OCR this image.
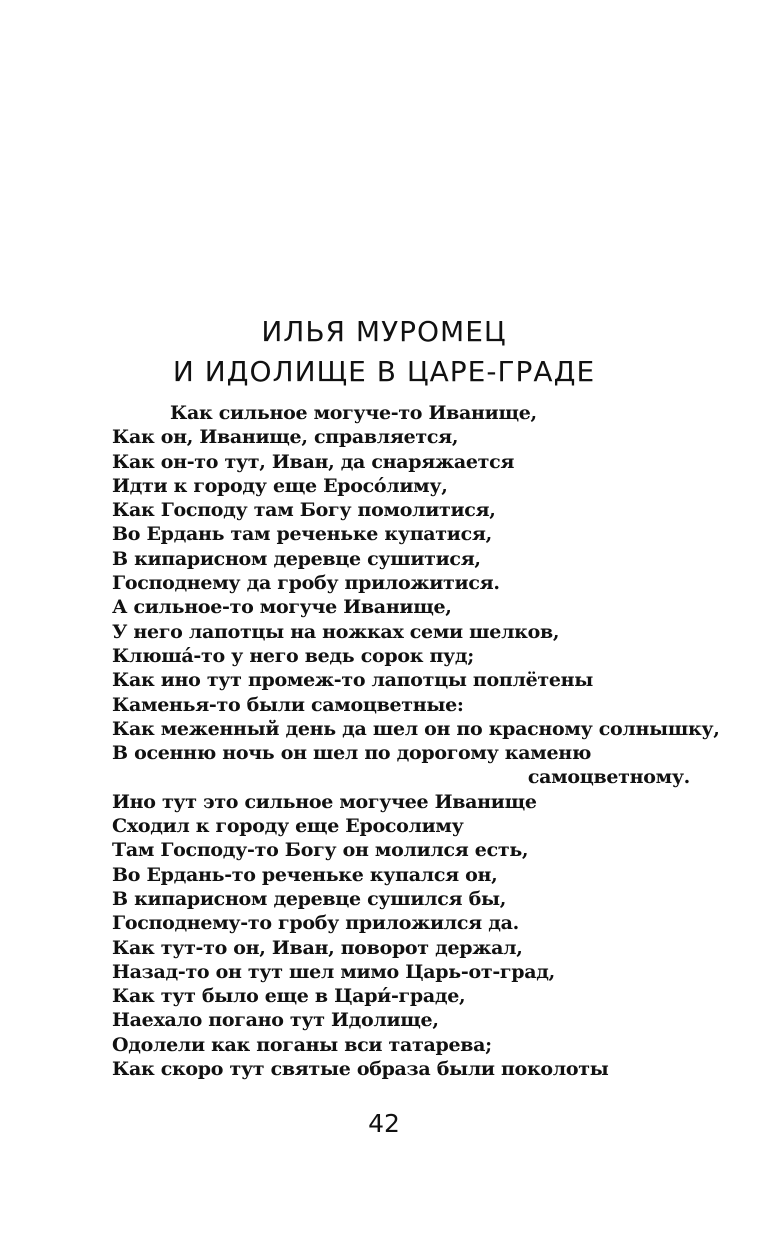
ИЛЬЯ МУРОМЕЦ
И ИДОЛИЩЕ В ЦАРЕ-ГРАДЕ
Как сильное могуче-то Иванище,
Как он, Иванище, справляется,
Как он-то тут, Иван, да снаряжается
Идти к городу еще Еросо́лиму,
Как Господу там Богу помолитися,
Во Ердань там реченьке купатися,
В кипарисном деревце сушитися,
Господнему да гробу приложитися.
А сильное-то могуче Иванище,
У него лапотцы на ножках семи шелков,
Клюша́-то у него ведь сорок пуд;
Как ино тут промеж-то лапотцы поплётены
Каменья-то были самоцветные:
Как меженный день да шел он по красному солнышку,
В осенню ночь он шел по дорогому каменю
самоцветному.
Ино тут это сильное могучее Иванище
Сходил к городу еще Еросолиму
Там Господу-то Богу он молился есть,
Во Ердань-то реченьке купался он,
В кипарисном деревце сушился бы,
Господнему-то гробу приложился да.
Как тут-то он, Иван, поворот держал,
Назад-то он тут шел мимо Царь-от-град,
Как тут было еще в Цари́-граде,
Наехало погано тут Идолище,
Одолели как поганы вси татарева;
Как скоро тут святые образа были поколоты
42
